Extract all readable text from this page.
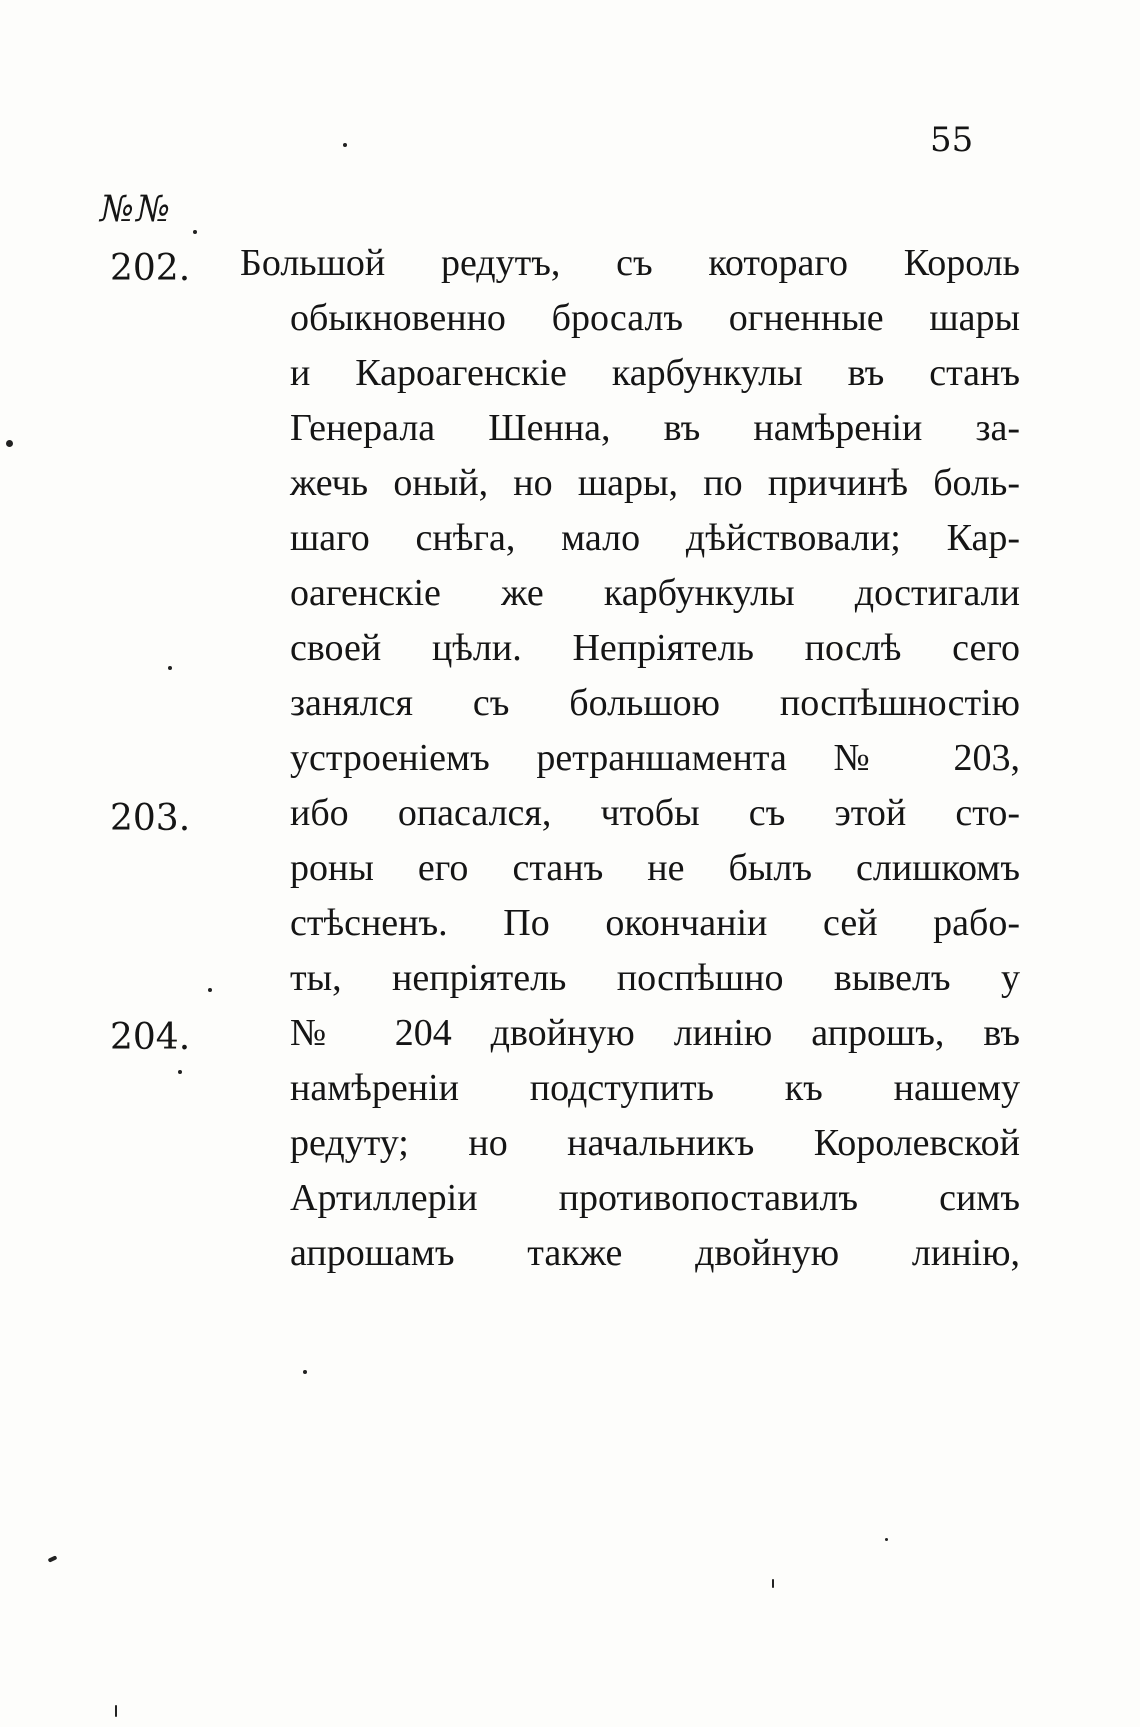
55
№№
202.
203.
204.
Большой редутъ, съ котораго Король
обыкновенно бросалъ огненные шары
и Кароагенскіе карбункулы въ станъ
Генерала Шенна, въ намѣреніи за-
жечь оный, но шары, по причинѣ боль-
шаго снѣга, мало дѣйствовали; Кар-
оагенскіе же карбункулы достигали
своей цѣли. Непріятель послѣ сего
занялся съ большою поспѣшностію
устроеніемъ ретраншамента № 203,
ибо опасался, чтобы съ этой сто-
роны его станъ не былъ слишкомъ
стѣсненъ. По окончаніи сей рабо-
ты, непріятель поспѣшно вывелъ у
№ 204 двойную линію апрошъ, въ
намѣреніи подступить къ нашему
редуту; но начальникъ Королевской
Артиллеріи противопоставилъ симъ
апрошамъ также двойную линію,
